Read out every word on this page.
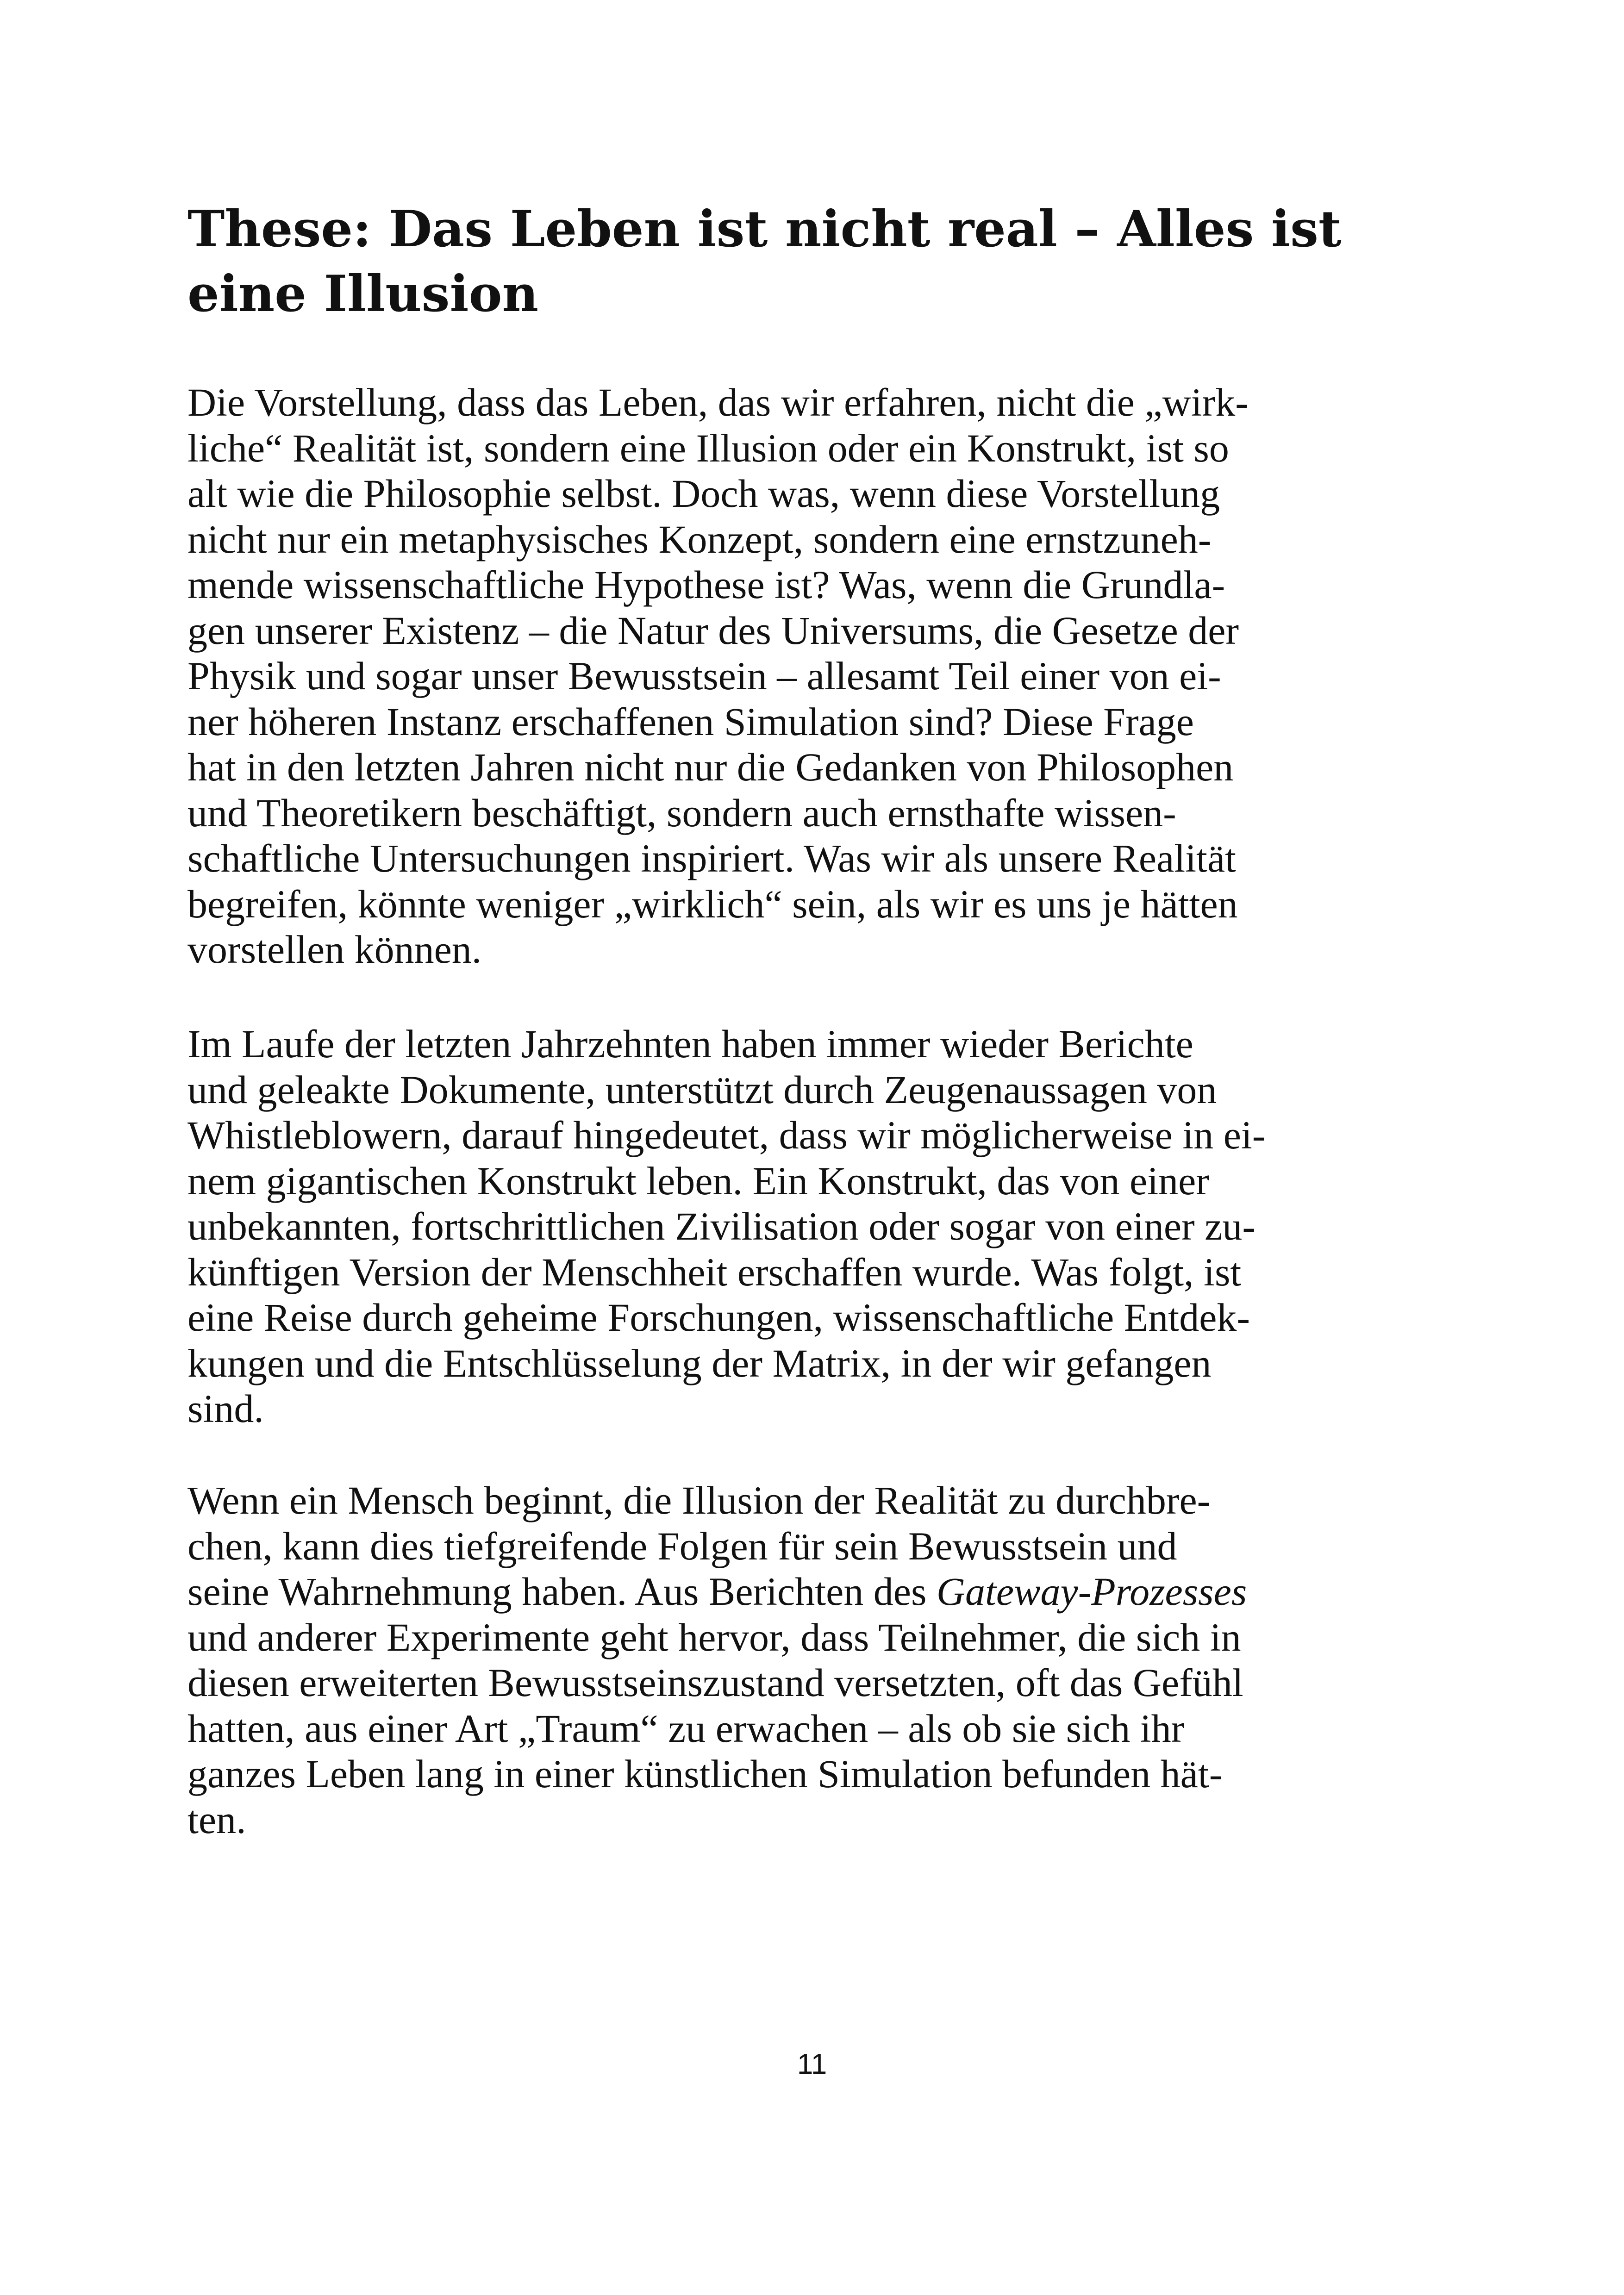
These: Das Leben ist nicht real – Alles ist
eine Illusion

Die Vorstellung, dass das Leben, das wir erfahren, nicht die „wirk-
liche“ Realität ist, sondern eine Illusion oder ein Konstrukt, ist so
alt wie die Philosophie selbst. Doch was, wenn diese Vorstellung
nicht nur ein metaphysisches Konzept, sondern eine ernstzuneh-
mende wissenschaftliche Hypothese ist? Was, wenn die Grundla-
gen unserer Existenz – die Natur des Universums, die Gesetze der
Physik und sogar unser Bewusstsein – allesamt Teil einer von ei-
ner höheren Instanz erschaffenen Simulation sind? Diese Frage
hat in den letzten Jahren nicht nur die Gedanken von Philosophen
und Theoretikern beschäftigt, sondern auch ernsthafte wissen-
schaftliche Untersuchungen inspiriert. Was wir als unsere Realität
begreifen, könnte weniger „wirklich“ sein, als wir es uns je hätten
vorstellen können.

Im Laufe der letzten Jahrzehnten haben immer wieder Berichte
und geleakte Dokumente, unterstützt durch Zeugenaussagen von
Whistleblowern, darauf hingedeutet, dass wir möglicherweise in ei-
nem gigantischen Konstrukt leben. Ein Konstrukt, das von einer
unbekannten, fortschrittlichen Zivilisation oder sogar von einer zu-
künftigen Version der Menschheit erschaffen wurde. Was folgt, ist
eine Reise durch geheime Forschungen, wissenschaftliche Entdek-
kungen und die Entschlüsselung der Matrix, in der wir gefangen
sind.

Wenn ein Mensch beginnt, die Illusion der Realität zu durchbre-
chen, kann dies tiefgreifende Folgen für sein Bewusstsein und
seine Wahrnehmung haben. Aus Berichten des Gateway-Prozesses
und anderer Experimente geht hervor, dass Teilnehmer, die sich in
diesen erweiterten Bewusstseinszustand versetzten, oft das Gefühl
hatten, aus einer Art „Traum“ zu erwachen – als ob sie sich ihr
ganzes Leben lang in einer künstlichen Simulation befunden hät-
ten.

11
